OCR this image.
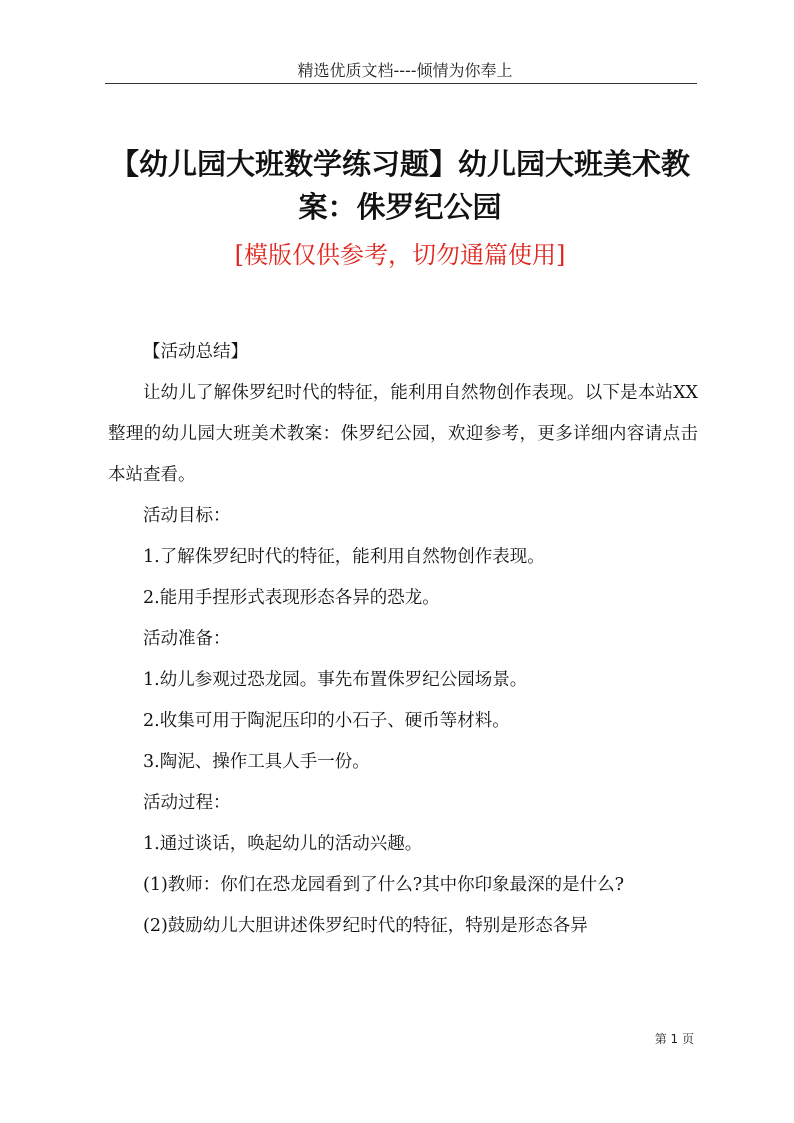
精选优质文档----倾情为你奉上
【幼儿园大班数学练习题】幼儿园大班美术教案：侏罗纪公园
[模版仅供参考，切勿通篇使用]

【活动总结】

让幼儿了解侏罗纪时代的特征，能利用自然物创作表现。以下是本站XX整理的幼儿园大班美术教案：侏罗纪公园，欢迎参考，更多详细内容请点击本站查看。

活动目标：

1.了解侏罗纪时代的特征，能利用自然物创作表现。

2.能用手捏形式表现形态各异的恐龙。

活动准备：

1.幼儿参观过恐龙园。事先布置侏罗纪公园场景。

2.收集可用于陶泥压印的小石子、硬币等材料。

3.陶泥、操作工具人手一份。

活动过程：

1.通过谈话，唤起幼儿的活动兴趣。

(1)教师：你们在恐龙园看到了什么?其中你印象最深的是什么?

(2)鼓励幼儿大胆讲述侏罗纪时代的特征，特别是形态各异

第 1 页
